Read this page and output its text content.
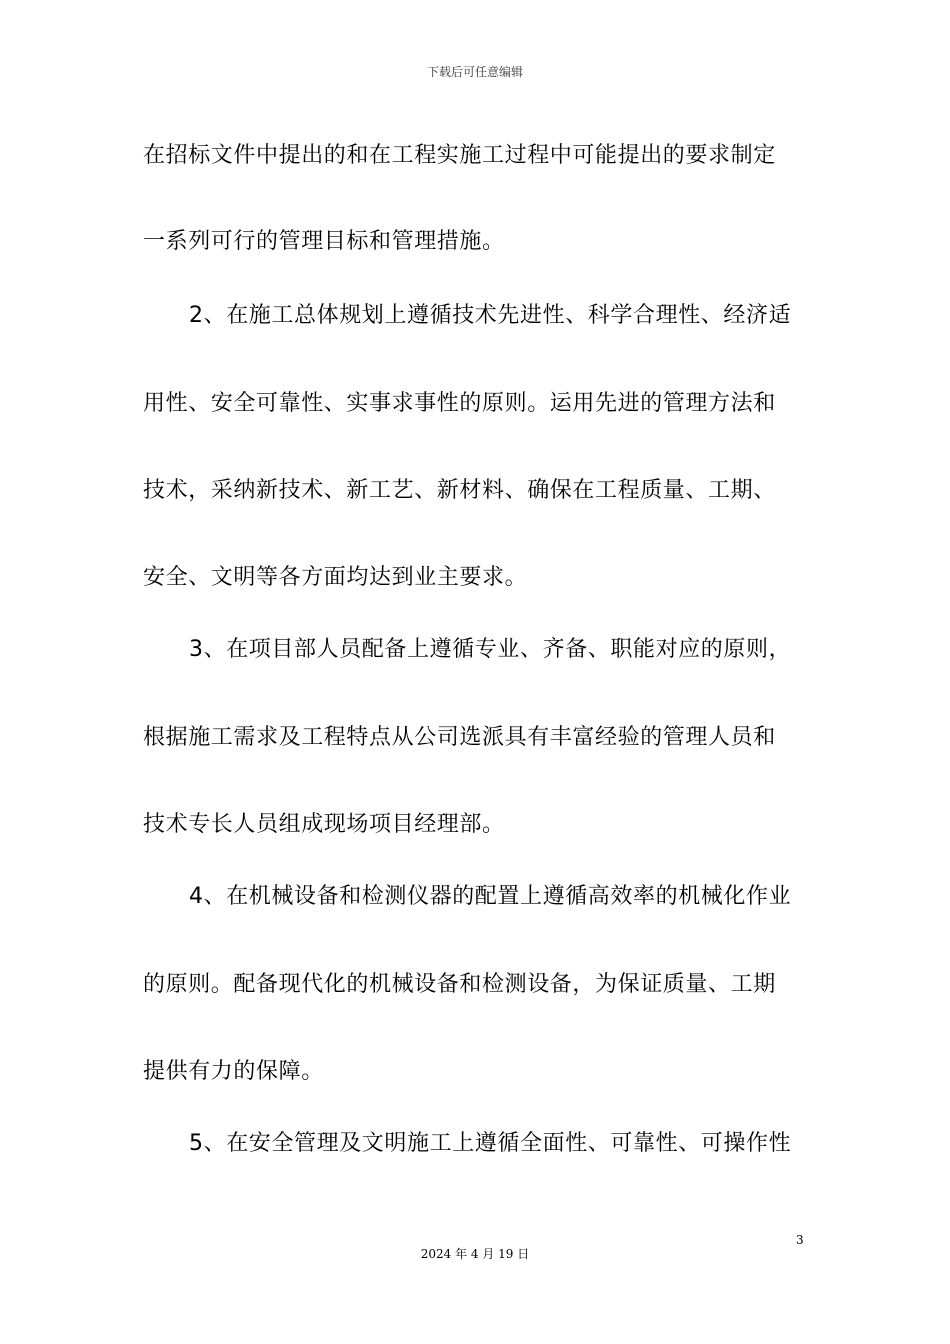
下载后可任意编辑
在招标文件中提出的和在工程实施工过程中可能提出的要求制定
一系列可行的管理目标和管理措施。
2、在施工总体规划上遵循技术先进性、科学合理性、经济适
用性、安全可靠性、实事求事性的原则。运用先进的管理方法和
技术，采纳新技术、新工艺、新材料、确保在工程质量、工期、
安全、文明等各方面均达到业主要求。
3、在项目部人员配备上遵循专业、齐备、职能对应的原则，
根据施工需求及工程特点从公司选派具有丰富经验的管理人员和
技术专长人员组成现场项目经理部。
4、在机械设备和检测仪器的配置上遵循高效率的机械化作业
的原则。配备现代化的机械设备和检测设备，为保证质量、工期
提供有力的保障。
5、在安全管理及文明施工上遵循全面性、可靠性、可操作性
3
2024 年 4 月 19 日
